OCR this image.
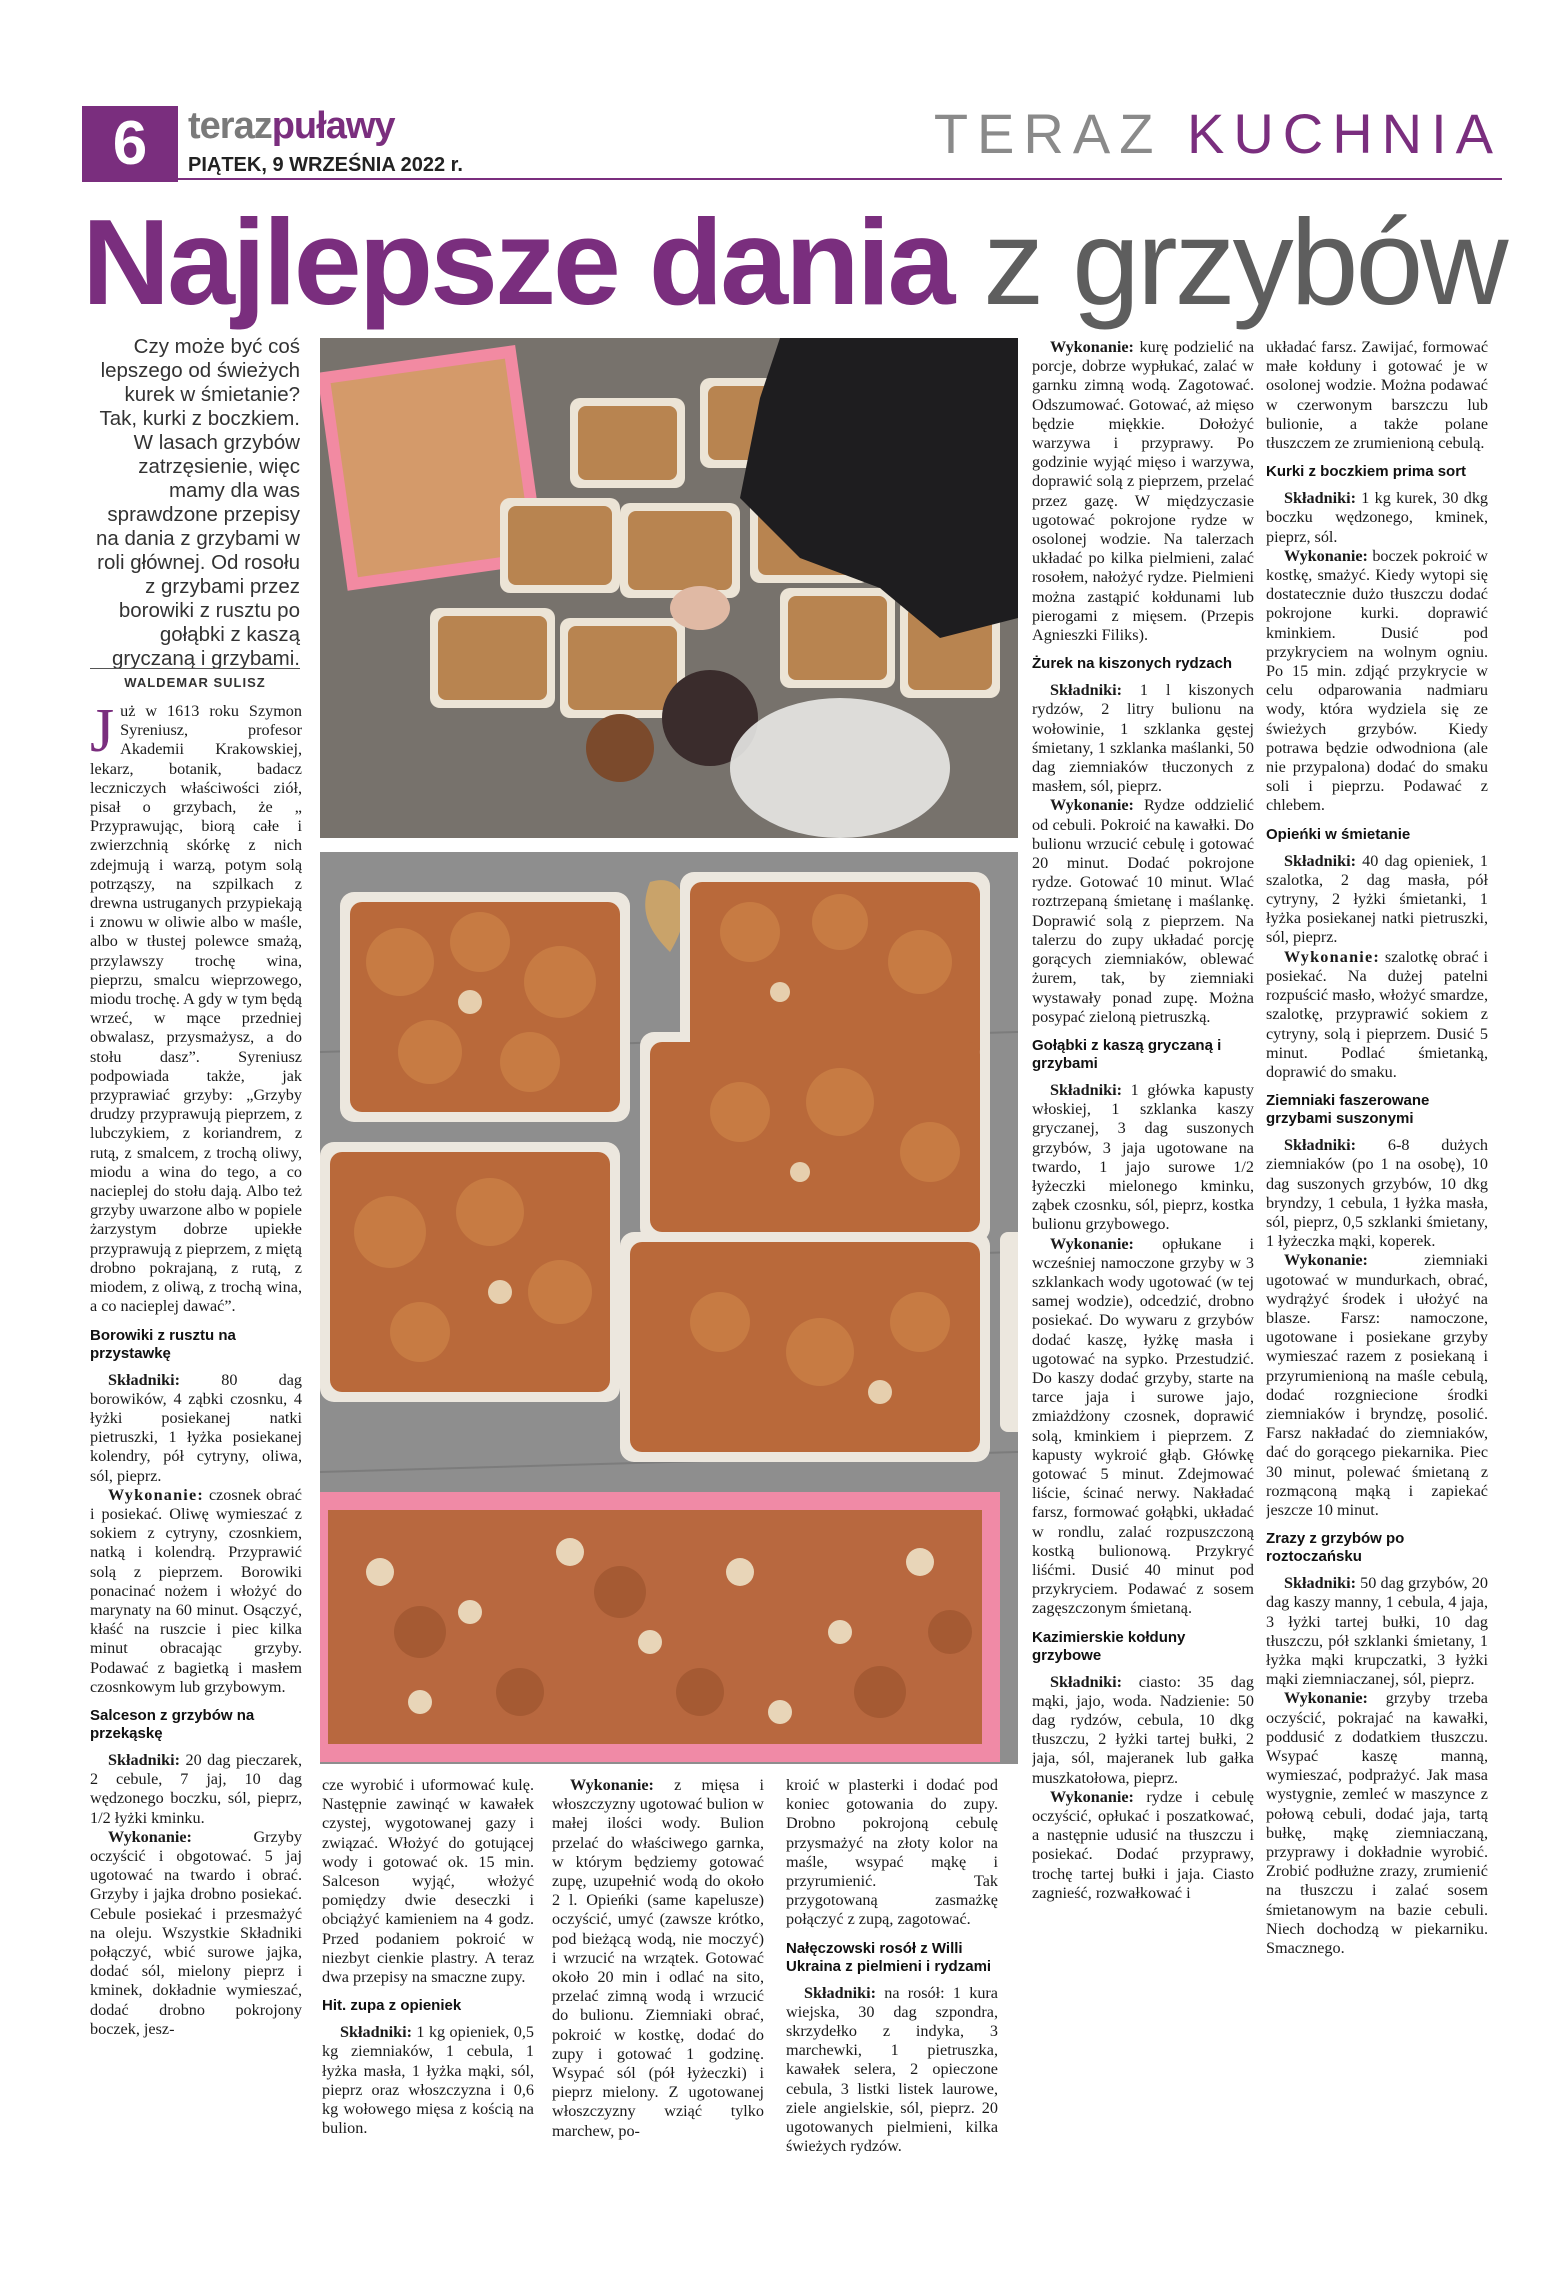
6	terazpuławy
PIĄTEK, 9 WRZEŚNIA 2022 r.	TERAZ KUCHNIA
Najlepsze dania z grzybów
Czy może być coś lepszego od świeżych kurek w śmietanie? Tak, kurki z boczkiem. W lasach grzybów zatrzęsienie, więc mamy dla was sprawdzone przepisy na dania z grzybami w roli głównej. Od rosołu z grzybami przez borowiki z rusztu po gołąbki z kaszą gryczaną i grzybami.
WALDEMAR SULISZ

Już w 1613 roku Szymon Syreniusz, profesor Akademii Krakowskiej, lekarz, botanik, badacz leczniczych właściwości ziół, pisał o grzybach, że „ Przyprawując, biorą całe i zwierzchnią skórkę z nich zdejmują i warzą, potym solą potrząszy, na szpilkach z drewna ustruganych przypiekają i znowu w oliwie albo w maśle, albo w tłustej polewce smażą, przylawszy trochę wina, pieprzu, smalcu wieprzowego, miodu trochę. A gdy w tym będą wrzeć, w mące przedniej obwalasz, przysmażysz, a do stołu dasz”. Syreniusz podpowiada także, jak przyprawiać grzyby: „Grzyby drudzy przyprawują pieprzem, z lubczykiem, z koriandrem, z rutą, z smalcem, z trochą oliwy, miodu a wina do tego, a co nacieplej do stołu dają. Albo też grzyby uwarzone albo w popiele żarzystym dobrze upiekłe przyprawują z pieprzem, z miętą drobno pokrajaną, z rutą, z miodem, z oliwą, z trochą wina, a co nacieplej dawać”.

Borowiki z rusztu na przystawkę

Składniki:	80 dag borowików, 4 ząbki czosnku, 4 łyżki posiekanej natki pietruszki, 1 łyżka posiekanej kolendry, pół cytryny, oliwa, sól, pieprz.

Wykonanie: czosnek obrać i posiekać. Oliwę wymieszać z sokiem z cytryny, czosnkiem, natką i kolendrą. Przyprawić solą z pieprzem. Borowiki ponacinać nożem i włożyć do marynaty na 60 minut. Osączyć, kłaść na ruszcie i piec kilka minut obracając grzyby. Podawać z bagietką i masłem czosnkowym lub grzybowym.

Salceson z grzybów na przekąskę

Składniki: 20 dag pieczarek, 2 cebule, 7 jaj, 10 dag wędzonego boczku, sól, pieprz, 1/2 łyżki kminku.

Wykonanie:	Grzyby oczyścić i obgotować. 5 jaj ugotować na twardo i obrać. Grzyby i jajka drobno posiekać. Cebule posiekać i przesmażyć na oleju. Wszystkie Składniki połączyć, wbić surowe jajka, dodać sól, mielony pieprz i kminek, dokładnie wymieszać, dodać drobno pokrojony boczek, jesz-

cze wyrobić i uformować kulę. Następnie zawinąć w kawałek czystej, wygotowanej gazy i związać. Włożyć do gotującej wody i gotować ok. 15 min. Salceson wyjąć, włożyć pomiędzy dwie deseczki i obciążyć kamieniem na 4 godz. Przed podaniem pokroić w niezbyt cienkie plastry. A teraz dwa przepisy na smaczne zupy.

Hit. zupa z opieniek

Składniki: 1 kg opieniek, 0,5 kg ziemniaków, 1 cebula, 1 łyżka masła, 1 łyżka mąki, sól, pieprz oraz włoszczyzna i 0,6 kg wołowego mięsa z kością na bulion.

Wykonanie: z mięsa i włoszczyzny ugotować bulion w małej ilości wody. Bulion przelać do właściwego garnka, w którym będziemy gotować zupę, uzupełnić wodą do około 2 l. Opieńki (same kapelusze) oczyścić, umyć (zawsze krótko, pod bieżącą wodą, nie moczyć) i wrzucić na wrzątek. Gotować około 20 min i odlać na sito, przelać zimną wodą i wrzucić do bulionu. Ziemniaki obrać, pokroić w kostkę, dodać do zupy i gotować 1 godzinę. Wsypać sól (pół łyżeczki) i pieprz mielony. Z ugotowanej włoszczyzny wziąć tylko marchew, po-

kroić w plasterki i dodać pod koniec gotowania do zupy. Drobno pokrojoną cebulę przysmażyć na złoty kolor na maśle, wsypać mąkę i przyrumienić. Tak przygotowaną zasmażkę połączyć z zupą, zagotować.

Nałęczowski rosół z Willi Ukraina z pielmieni i rydzami

Składniki: na rosół: 1 kura wiejska, 30 dag szpondra, skrzydełko z indyka, 3 marchewki, 1 pietruszka, kawałek selera, 2 opieczone cebula, 3 listki listek laurowe, ziele angielskie, sól, pieprz. 20 ugotowanych pielmieni, kilka świeżych rydzów.

Wykonanie: kurę podzielić na porcje, dobrze wypłukać, zalać w garnku zimną wodą. Zagotować. Odszumować. Gotować, aż mięso będzie miękkie. Dołożyć warzywa i przyprawy. Po godzinie wyjąć mięso i warzywa, doprawić solą z pieprzem, przelać przez gazę. W międzyczasie ugotować pokrojone rydze w osolonej wodzie. Na talerzach układać po kilka pielmieni, zalać rosołem, nałożyć rydze. Pielmieni można zastąpić kołdunami lub pierogami z mięsem. (Przepis Agnieszki Filiks).

Żurek na kiszonych rydzach

Składniki: 1 l kiszonych rydzów, 2 litry bulionu na wołowinie, 1 szklanka gęstej śmietany, 1 szklanka maślanki, 50 dag ziemniaków tłuczonych z masłem, sól, pieprz.

Wykonanie: Rydze oddzielić od cebuli. Pokroić na kawałki. Do bulionu wrzucić cebulę i gotować 20 minut. Dodać pokrojone rydze. Gotować 10 minut. Wlać roztrzepaną śmietanę i maślankę. Doprawić solą z pieprzem. Na talerzu do zupy układać porcję gorących ziemniaków, oblewać żurem, tak, by ziemniaki wystawały ponad zupę. Można posypać zieloną pietruszką.

Gołąbki z kaszą gryczaną i grzybami

Składniki: 1 główka kapusty włoskiej, 1 szklanka kaszy gryczanej, 3 dag suszonych grzybów, 3 jaja ugotowane na twardo, 1 jajo surowe 1/2 łyżeczki mielonego kminku, ząbek czosnku, sól, pieprz, kostka bulionu grzybowego.

Wykonanie: opłukane i wcześniej namoczone grzyby w 3 szklankach wody ugotować (w tej samej wodzie), odcedzić, drobno posiekać. Do wywaru z grzybów dodać kaszę, łyżkę masła i ugotować na sypko. Przestudzić. Do kaszy dodać grzyby, starte na tarce jaja i surowe jajo, zmiażdżony czosnek, doprawić solą, kminkiem i pieprzem. Z kapusty wykroić głąb. Główkę gotować 5 minut. Zdejmować liście, ścinać nerwy. Nakładać farsz, formować gołąbki, układać w rondlu, zalać rozpuszczoną kostką bulionową. Przykryć liśćmi. Dusić 40 minut pod przykryciem. Podawać z sosem zagęszczonym śmietaną.

Kazimierskie kołduny grzybowe

Składniki: ciasto: 35 dag mąki, jajo, woda. Nadzienie: 50 dag rydzów, cebula, 10 dkg tłuszczu, 2 łyżki tartej bułki, 2 jaja, sól, majeranek lub gałka muszkatołowa, pieprz.

Wykonanie: rydze i cebulę oczyścić, opłukać i poszatkować, a następnie udusić na tłuszczu i posiekać. Dodać przyprawy, trochę tartej bułki i jaja. Ciasto zagnieść, rozwałkować i

układać farsz. Zawijać, formować małe kołduny i gotować je w osolonej wodzie. Można podawać w czerwonym barszczu lub bulionie, a także polane tłuszczem ze zrumienioną cebulą.

Kurki z boczkiem prima sort

Składniki: 1 kg kurek, 30 dkg boczku wędzonego, kminek, pieprz, sól.

Wykonanie: boczek pokroić w kostkę, smażyć. Kiedy wytopi się dostatecznie dużo tłuszczu dodać pokrojone kurki. doprawić kminkiem. Dusić pod przykryciem na wolnym ogniu. Po 15 min. zdjąć przykrycie w celu odparowania nadmiaru wody, która wydziela się ze świeżych grzybów. Kiedy potrawa będzie odwodniona (ale nie przypalona) dodać do smaku soli i pieprzu. Podawać z chlebem.

Opieńki w śmietanie

Składniki: 40 dag opieniek, 1 szalotka, 2 dag masła, pół cytryny, 2 łyżki śmietanki, 1 łyżka posiekanej natki pietruszki, sól, pieprz.

Wykonanie: szalotkę obrać i posiekać. Na dużej patelni rozpuścić masło, włożyć smardze, szalotkę, przyprawić sokiem z cytryny, solą i pieprzem. Dusić 5 minut. Podlać śmietanką, doprawić do smaku.

Ziemniaki faszerowane grzybami suszonymi

Składniki: 6-8 dużych ziemniaków (po 1 na osobę), 10 dag suszonych grzybów, 10 dkg bryndzy, 1 cebula, 1 łyżka masła, sól, pieprz, 0,5 szklanki śmietany, 1 łyżeczka mąki, koperek.

Wykonanie:	ziemniaki ugotować w mundurkach, obrać, wydrążyć środek i ułożyć na blasze. Farsz: namoczone, ugotowane i posiekane grzyby wymieszać razem z posiekaną i przyrumienioną na maśle cebulą, dodać rozgniecione środki ziemniaków i bryndzę, posolić. Farsz nakładać do ziemniaków, dać do gorącego piekarnika. Piec 30 minut, polewać śmietaną z rozmąconą mąką i zapiekać jeszcze 10 minut.

Zrazy z grzybów po roztoczańsku

Składniki: 50 dag grzybów, 20 dag kaszy manny, 1 cebula, 4 jaja, 3 łyżki tartej bułki, 10 dag tłuszczu, pół szklanki śmietany, 1 łyżka mąki krupczatki, 3 łyżki mąki ziemniaczanej, sól, pieprz.

Wykonanie: grzyby trzeba oczyścić, pokrajać na kawałki, poddusić z dodatkiem tłuszczu. Wsypać kaszę manną, wymieszać, podprażyć. Jak masa wystygnie, zemleć w maszynce z połową cebuli, dodać jaja, tartą bułkę, mąkę ziemniaczaną, przyprawy i dokładnie wyrobić. Zrobić podłużne zrazy, zrumienić na tłuszczu i zalać sosem śmietanowym na bazie cebuli. Niech dochodzą w piekarniku. Smacznego.
